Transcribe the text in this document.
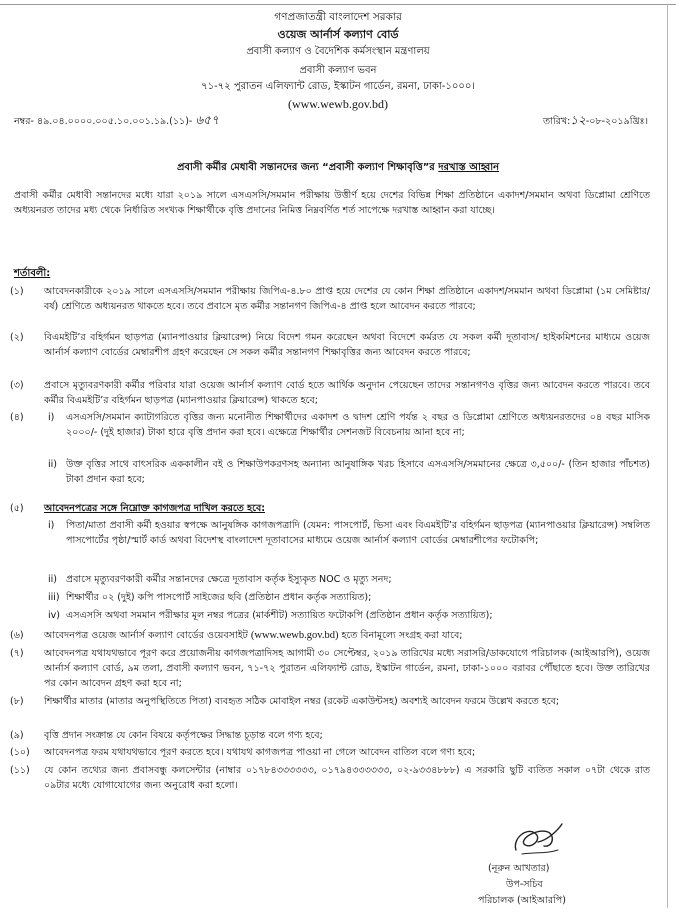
গণপ্রজাতন্ত্রী বাংলাদেশ সরকার
ওয়েজ আর্নার্স কল্যাণ বোর্ড
প্রবাসী কল্যাণ ও বৈদেশিক কর্মসংস্থান মন্ত্রণালয়
প্রবাসী কল্যাণ ভবন
৭১-৭২ পুরাতন এলিফ্যান্ট রোড, ইস্কাটন গার্ডেন, রমনা, ঢাকা-১০০০।
(www.wewb.gov.bd)
নম্বর- ৪৯.০৪.০০০০.০০৫.১০.০০১.১৯.(১১)- ৬৫৭	তারিখ:১২-০৮-২০১৯খ্রিঃ।
প্রবাসী কর্মীর মেধাবী সন্তানদের জন্য “প্রবাসী কল্যাণ শিক্ষাবৃত্তি”র দরখাস্ত আহ্বান
প্রবাসী কর্মীর মেধাবী সন্তানদের মধ্যে যারা ২০১৯ সালে এসএসসি/সমমান পরীক্ষায় উত্তীর্ণ হয়ে দেশের বিভিন্ন শিক্ষা প্রতিষ্ঠানে একাদশ/সমমান অথবা ডিপ্লোমা শ্রেণিতে অধ্যয়নরত তাদের মধ্য থেকে নির্ধারিত সংখ্যক শিক্ষার্থীকে বৃত্তি প্রদানের নিমিত্ত নিম্নবর্ণিত শর্ত সাপেক্ষে দরখাস্ত আহ্বান করা যাচ্ছে।
শর্তাবলী:
(১) আবেদনকারীকে ২০১৯ সালে এসএসসি/সমমান পরীক্ষায় জিপিএ-৪.৮০ প্রাপ্ত হয়ে দেশের যে কোন শিক্ষা প্রতিষ্ঠানে একাদশ/সমমান অথবা ডিপ্লোমা (১ম সেমিষ্টার/বর্ষ) শ্রেণিতে অধ্যয়নরত থাকতে হবে। তবে প্রবাসে মৃত কর্মীর সন্তানগণ জিপিএ-৪ প্রাপ্ত হলে আবেদন করতে পারবে;
(২) বিএমইটি’র বহির্গমন ছাড়পত্র (ম্যানপাওয়ার ক্লিয়ারেন্স) নিয়ে বিদেশ গমন করেছেন অথবা বিদেশে কর্মরত যে সকল কর্মী দূতাবাস/ হাইকমিশনের মাধ্যমে ওয়েজ আর্নার্স কল্যাণ বোর্ডের মেম্বারশীপ গ্রহণ করেছেন সে সকল কর্মীর সন্তানগণ শিক্ষাবৃত্তির জন্য আবেদন করতে পারবে;
(৩) প্রবাসে মৃত্যুবরণকারী কর্মীর পরিবার যারা ওয়েজ আর্নার্স কল্যাণ বোর্ড হতে আর্থিক অনুদান পেয়েছেন তাদের সন্তানগণও বৃত্তির জন্য আবেদন করতে পারবে। তবে কর্মীর বিএমইটি’র বহির্গমন ছাড়পত্র (ম্যানপাওয়ার ক্লিয়ারেন্স) থাকতে হবে;
(৪)	i) এসএসসি/সমমান ক্যাটাগরিতে বৃত্তির জন্য মনোনীত শিক্ষার্থীদের একাদশ ও দ্বাদশ শ্রেণি পর্যন্ত ২ বছর ও ডিপ্লোমা শ্রেণিতে অধ্যয়নরতদের ০৪ বছর মাসিক ২০০০/- (দুই হাজার) টাকা হারে বৃত্তি প্রদান করা হবে। এক্ষেত্রে শিক্ষার্থীর সেশনজট বিবেচনায় আনা হবে না;
ii) উক্ত বৃত্তির সাথে বাৎসরিক এককালীন বই ও শিক্ষাউপকরণসহ অন্যান্য আনুষাঙ্গিক খরচ হিসাবে এসএসসি/সমমানের ক্ষেত্রে ৩,৫০০/- (তিন হাজার পাঁচশত) টাকা প্রদান করা হবে;
(৫) আবেদনপত্রের সঙ্গে নিম্নোক্ত কাগজপত্র দাখিল করতে হবে:
i) পিতা/মাতা প্রবাসী কর্মী হওয়ার স্বপক্ষে আনুষঙ্গিক কাগজপত্রাদি (যেমন: পাসপোর্ট, ভিসা এবং বিএমইটি’র বহির্গমন ছাড়পত্র (ম্যানপাওয়ার ক্লিয়ারেন্স) সম্বলিত পাসপোর্টের পৃষ্ঠা/স্মার্ট কার্ড অথবা বিদেশস্থ বাংলাদেশ দূতাবাসের মাধ্যমে ওয়েজ আর্নার্স কল্যাণ বোর্ডের মেম্বারশীপের ফটোকপি;
ii) প্রবাসে মৃত্যুবরণকারী কর্মীর সন্তানদের ক্ষেত্রে দূতাবাস কর্তৃক ইস্যুকৃত NOC ও মৃত্যু সনদ;
iii) শিক্ষার্থীর ০২ (দুই) কপি পাসপোর্ট সাইজের ছবি (প্রতিষ্ঠান প্রধান কর্তৃক সত্যায়িত);
iv) এসএসসি অথবা সমমান পরীক্ষার মূল নম্বর পত্রের (মার্কশীট) সত্যায়িত ফটোকপি (প্রতিষ্ঠান প্রধান কর্তৃক সত্যায়িত);
(৬) আবেদনপত্র ওয়েজ আর্নার্স কল্যাণ বোর্ডের ওয়েবসাইট (www.wewb.gov.bd) হতে বিনামূল্যে সংগ্রহ করা যাবে;
(৭) আবেদনপত্র যথাযথভাবে পূরণ করে প্রয়োজনীয় কাগজপত্রাদিসহ আগামী ৩০ সেপ্টেম্বর, ২০১৯ তারিখের মধ্যে সরাসরি/ডাকযোগে পরিচালক (আইআরপি), ওয়েজ আর্নার্স কল্যাণ বোর্ড, ৯ম তলা, প্রবাসী কল্যাণ ভবন, ৭১-৭২ পুরাতন এলিফ্যান্ট রোড, ইস্কাটন গার্ডেন, রমনা, ঢাকা-১০০০ বরাবর পৌঁছাতে হবে। উক্ত তারিখের পর কোন আবেদন গ্রহণ করা হবে না;
(৮) শিক্ষার্থীর মাতার (মাতার অনুপস্থিতিতে পিতা) ব্যবহৃত সঠিক মোবাইল নম্বর (রকেট একাউন্টসহ) অবশ্যই আবেদন ফরমে উল্লেখ করতে হবে;
(৯) বৃত্তি প্রদান সংক্রান্ত যে কোন বিষয়ে কর্তৃপক্ষের সিদ্ধান্ত চূড়ান্ত বলে গণ্য হবে;
(১০) আবেদনপত্র ফরম যথাযথভাবে পূরণ করতে হবে। যথাযথ কাগজপত্র পাওয়া না গেলে আবেদন বাতিল বলে গণ্য হবে;
(১১) যে কোন তথ্যের জন্য প্রবাসবন্ধু কলসেন্টার (নাম্বার ০১৭৮৪৩৩৩৩৩৩, ০১৭৯৪৩৩৩৩৩৩, ০২-৯৩৩৪৮৮৮) এ সরকারি ছুটি ব্যতিত সকাল ০৭টা থেকে রাত ০৯টার মধ্যে যোগাযোগের জন্য অনুরোধ করা হলো।
(নূরুন আখতার)
উপ-সচিব
পরিচালক (আইআরপি)
